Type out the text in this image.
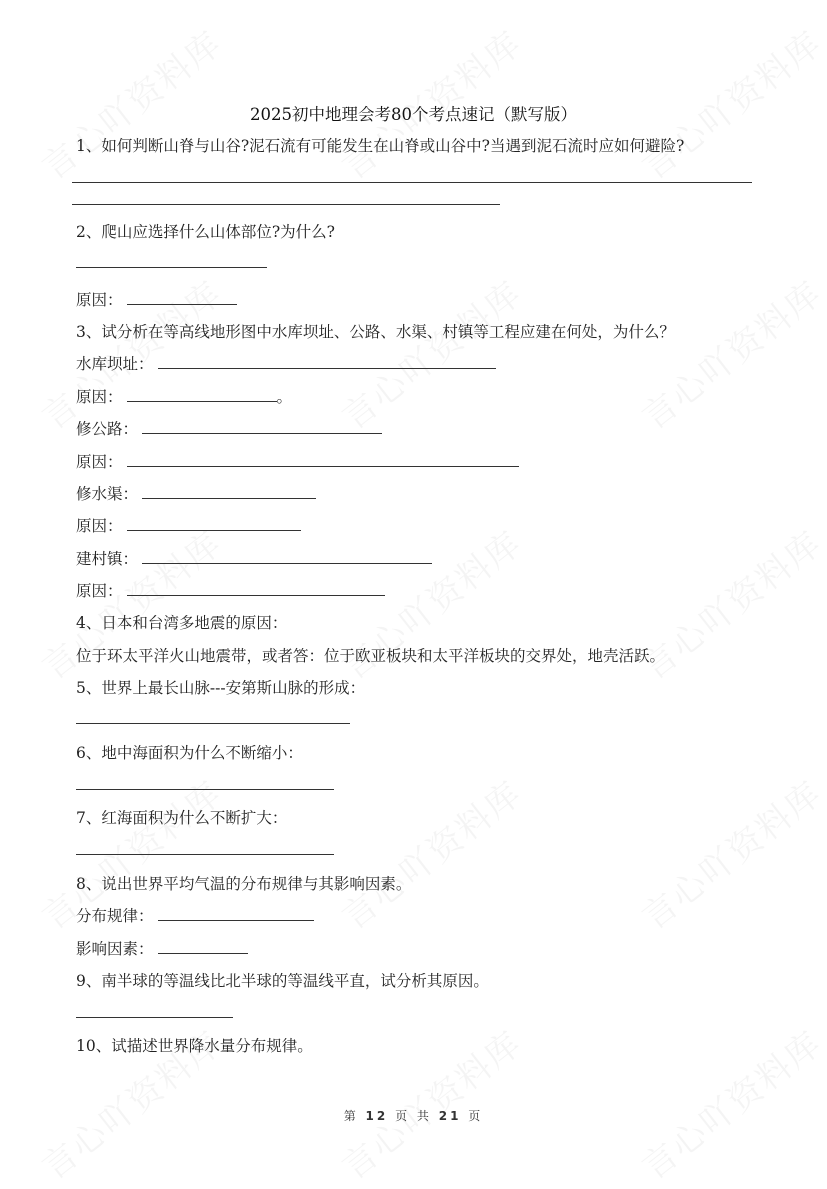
2025初中地理会考80个考点速记（默写版）
1、如何判断山脊与山谷?泥石流有可能发生在山脊或山谷中?当遇到泥石流时应如何避险?
2、爬山应选择什么山体部位?为什么?
原因：
3、试分析在等高线地形图中水库坝址、公路、水渠、村镇等工程应建在何处，为什么？
水库坝址：
原因：	。
修公路：
原因：
修水渠：
原因：
建村镇：
原因：
4、日本和台湾多地震的原因：
位于环太平洋火山地震带，或者答：位于欧亚板块和太平洋板块的交界处，地壳活跃。
5、世界上最长山脉---安第斯山脉的形成：
6、地中海面积为什么不断缩小：
7、红海面积为什么不断扩大：
8、说出世界平均气温的分布规律与其影响因素。
分布规律：
影响因素：
9、南半球的等温线比北半球的等温线平直，试分析其原因。
10、试描述世界降水量分布规律。
第 12 页 共 21 页
